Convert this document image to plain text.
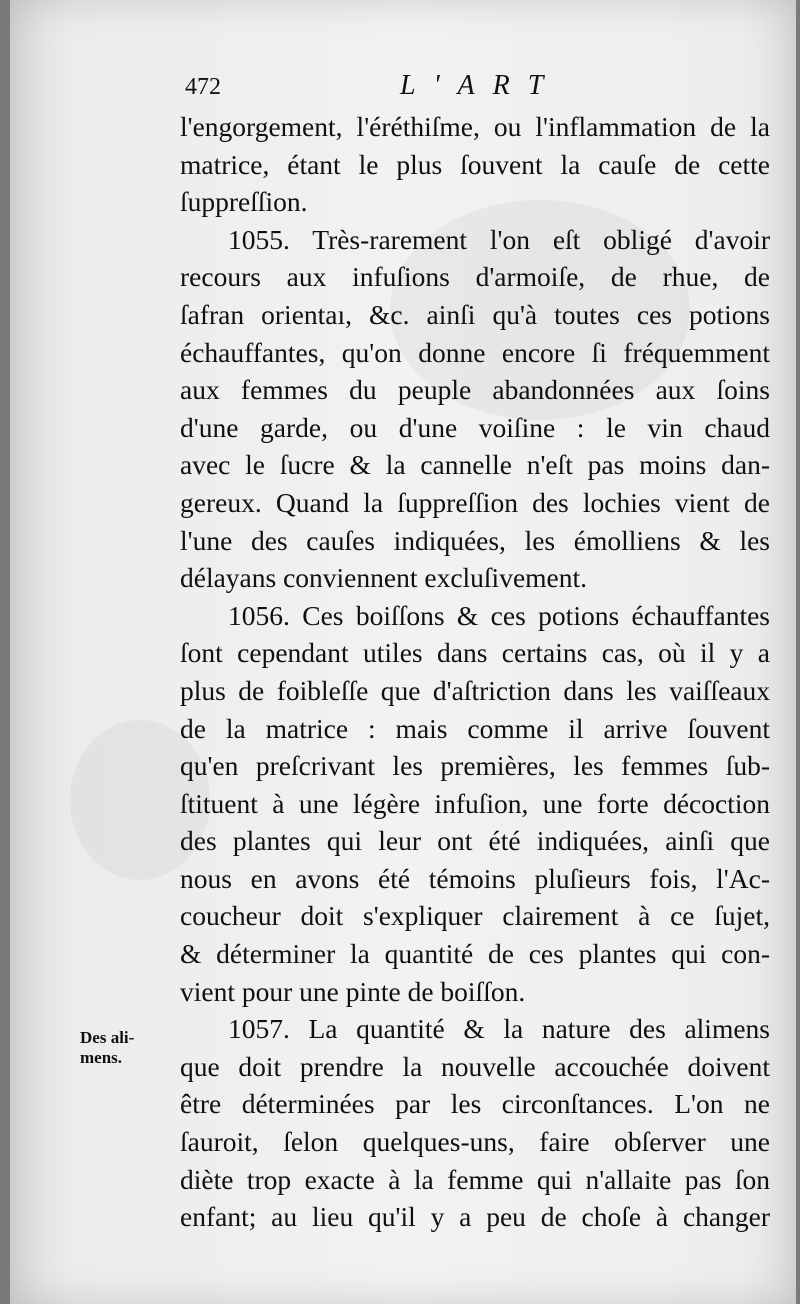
472	L'ART
Des ali-
mens.
l'engorgement, l'éréthiſme, ou l'inflammation de la
matrice, étant le plus ſouvent la cauſe de cette
ſuppreſſion.
1055. Très-rarement l'on eſt obligé d'avoir
recours aux infuſions d'armoiſe, de rhue, de
ſafran orientaı, &c. ainſi qu'à toutes ces potions
échauffantes, qu'on donne encore ſi fréquemment
aux femmes du peuple abandonnées aux ſoins
d'une garde, ou d'une voiſine : le vin chaud
avec le ſucre & la cannelle n'eſt pas moins dan-
gereux. Quand la ſuppreſſion des lochies vient de
l'une des cauſes indiquées, les émolliens & les
délayans conviennent excluſivement.
1056. Ces boiſſons & ces potions échauffantes
ſont cependant utiles dans certains cas, où il y a
plus de foibleſſe que d'aſtriction dans les vaiſſeaux
de la matrice : mais comme il arrive ſouvent
qu'en preſcrivant les premières, les femmes ſub-
ſtituent à une légère infuſion, une forte décoction
des plantes qui leur ont été indiquées, ainſi que
nous en avons été témoins pluſieurs fois, l'Ac-
coucheur doit s'expliquer clairement à ce ſujet,
& déterminer la quantité de ces plantes qui con-
vient pour une pinte de boiſſon.
1057. La quantité & la nature des alimens
que doit prendre la nouvelle accouchée doivent
être déterminées par les circonſtances. L'on ne
ſauroit, ſelon quelques-uns, faire obſerver une
diète trop exacte à la femme qui n'allaite pas ſon
enfant; au lieu qu'il y a peu de choſe à changer
